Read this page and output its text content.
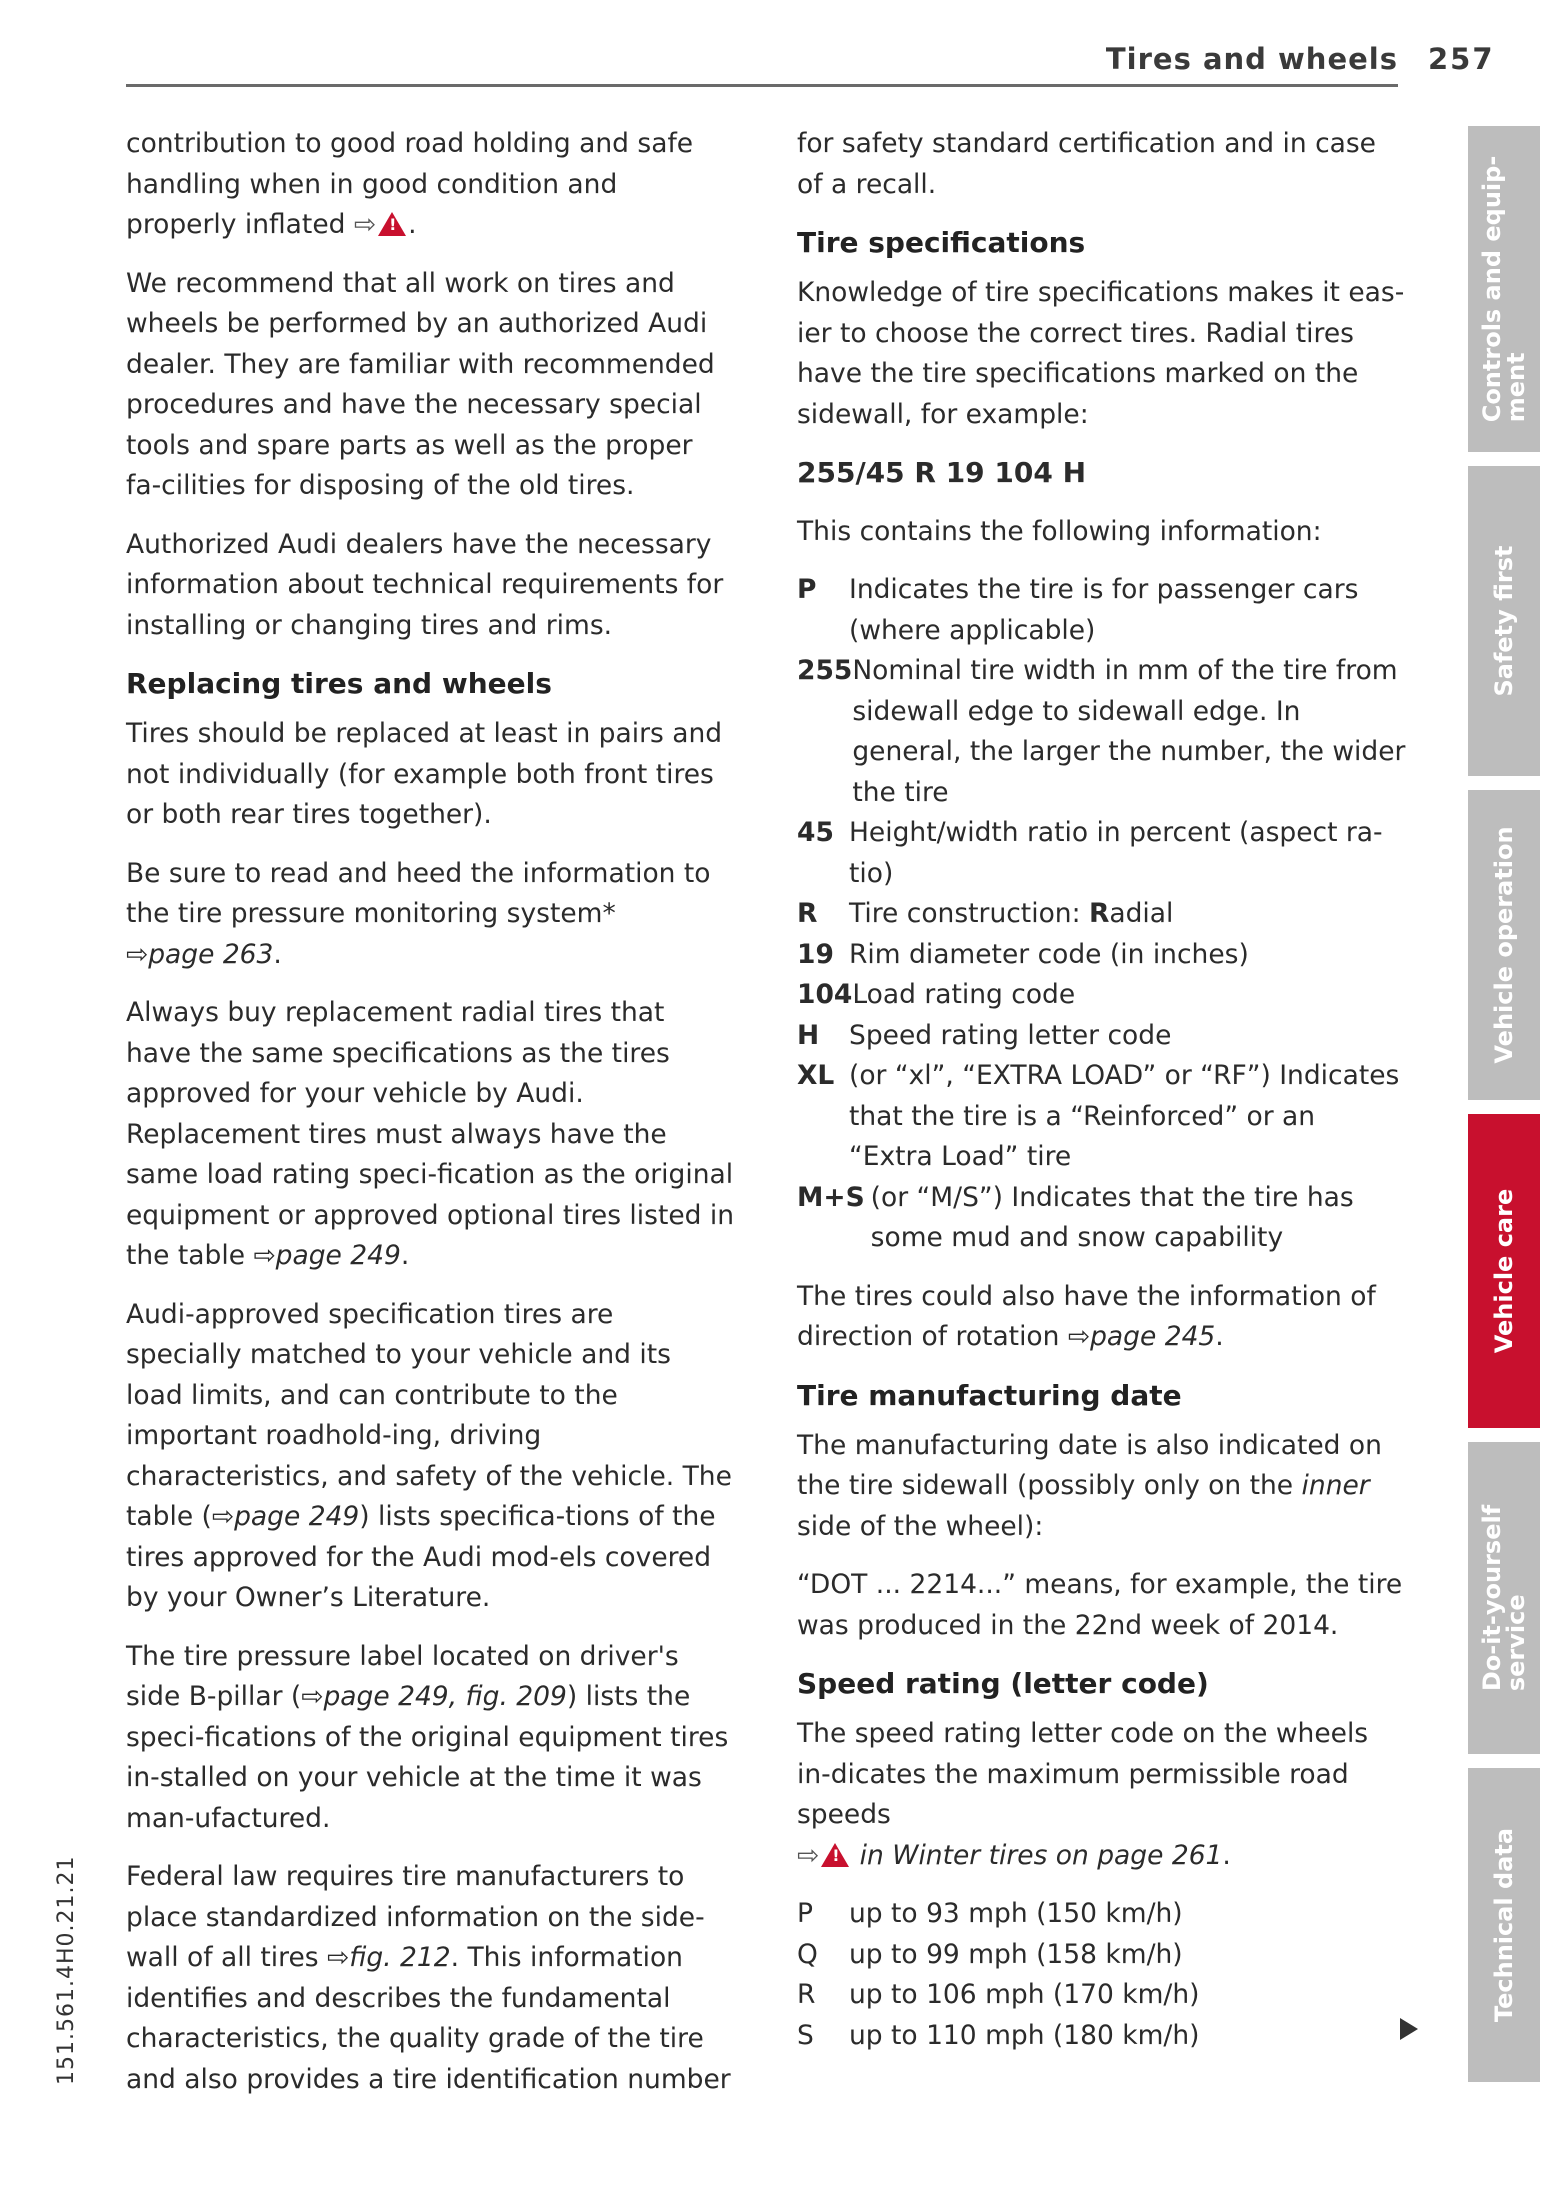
Tires and wheels 257

contribution to good road holding and safe handling when in good condition and properly inflated ⇨ ! .

We recommend that all work on tires and wheels be performed by an authorized Audi dealer. They are familiar with recommended procedures and have the necessary special tools and spare parts as well as the proper fa-cilities for disposing of the old tires.

Authorized Audi dealers have the necessary information about technical requirements for installing or changing tires and rims.

Replacing tires and wheels

Tires should be replaced at least in pairs and not individually (for example both front tires or both rear tires together).

Be sure to read and heed the information to the tire pressure monitoring system*
⇨page 263.

Always buy replacement radial tires that have the same specifications as the tires approved for your vehicle by Audi. Replacement tires must always have the same load rating speci-fication as the original equipment or approved optional tires listed in the table ⇨page 249.

Audi-approved specification tires are specially matched to your vehicle and its load limits, and can contribute to the important roadhold-ing, driving characteristics, and safety of the vehicle. The table (⇨page 249) lists specifica-tions of the tires approved for the Audi mod-els covered by your Owner’s Literature.

The tire pressure label located on driver's side B-pillar (⇨page 249, fig. 209) lists the speci-fications of the original equipment tires in-stalled on your vehicle at the time it was man-ufactured.

Federal law requires tire manufacturers to place standardized information on the side-wall of all tires ⇨fig. 212. This information identifies and describes the fundamental characteristics, the quality grade of the tire and also provides a tire identification number

for safety standard certification and in case of a recall.

Tire specifications

Knowledge of tire specifications makes it eas-ier to choose the correct tires. Radial tires have the tire specifications marked on the sidewall, for example:

255/45 R 19 104 H

This contains the following information:

P	Indicates the tire is for passenger cars (where applicable)
255 Nominal tire width in mm of the tire from sidewall edge to sidewall edge. In general, the larger the number, the wider the tire
45 Height/width ratio in percent (aspect ra-tio)
R	Tire construction: Radial
19 Rim diameter code (in inches)
104 Load rating code
H	Speed rating letter code
XL (or “xl”, “EXTRA LOAD” or “RF”) Indicates that the tire is a “Reinforced” or an “Extra Load” tire
M+S (or “M/S”) Indicates that the tire has some mud and snow capability

The tires could also have the information of direction of rotation ⇨page 245.

Tire manufacturing date

The manufacturing date is also indicated on the tire sidewall (possibly only on the inner side of the wheel):

“DOT ... 2214...” means, for example, the tire was produced in the 22nd week of 2014.

Speed rating (letter code)

The speed rating letter code on the wheels in-dicates the maximum permissible road speeds
⇨ ! in Winter tires on page 261.

P	up to 93 mph (150 km/h)
Q	up to 99 mph (158 km/h)
R	up to 106 mph (170 km/h)
S	up to 110 mph (180 km/h)
151.561.4H0.21.21
Controls and equip-
ment
Safety first
Vehicle operation
Vehicle care
Do-it-yourself
service
Technical data
